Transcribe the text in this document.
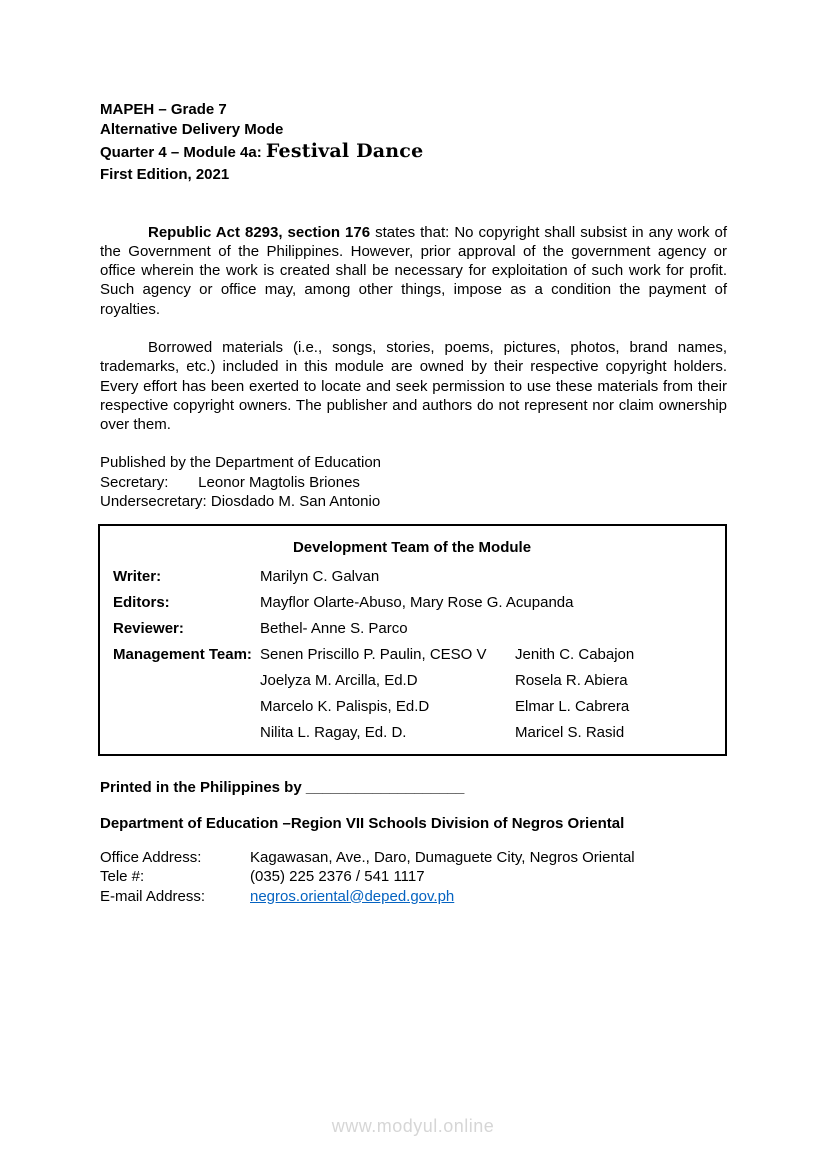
MAPEH – Grade 7
Alternative Delivery Mode
Quarter 4 – Module 4a: Festival Dance
First Edition, 2021
Republic Act 8293, section 176 states that: No copyright shall subsist in any work of the Government of the Philippines. However, prior approval of the government agency or office wherein the work is created shall be necessary for exploitation of such work for profit. Such agency or office may, among other things, impose as a condition the payment of royalties.
Borrowed materials (i.e., songs, stories, poems, pictures, photos, brand names, trademarks, etc.) included in this module are owned by their respective copyright holders. Every effort has been exerted to locate and seek permission to use these materials from their respective copyright owners. The publisher and authors do not represent nor claim ownership over them.
Published by the Department of Education
Secretary: Leonor Magtolis Briones
Undersecretary: Diosdado M. San Antonio
Development Team of the Module
Writer:	Marilyn C. Galvan
Editors:	Mayflor Olarte-Abuso, Mary Rose G. Acupanda
Reviewer:	Bethel- Anne S. Parco
Management Team: Senen Priscillo P. Paulin, CESO V	Jenith C. Cabajon
Joelyza M. Arcilla, Ed.D	Rosela R. Abiera
Marcelo K. Palispis, Ed.D	Elmar L. Cabrera
Nilita L. Ragay, Ed. D.	Maricel S. Rasid
Printed in the Philippines by ___________________
Department of Education –Region VII Schools Division of Negros Oriental
Office Address:	Kagawasan, Ave., Daro, Dumaguete City, Negros Oriental
Tele #:	(035) 225 2376 / 541 1117
E-mail Address:	negros.oriental@deped.gov.ph
www.modyul.online
